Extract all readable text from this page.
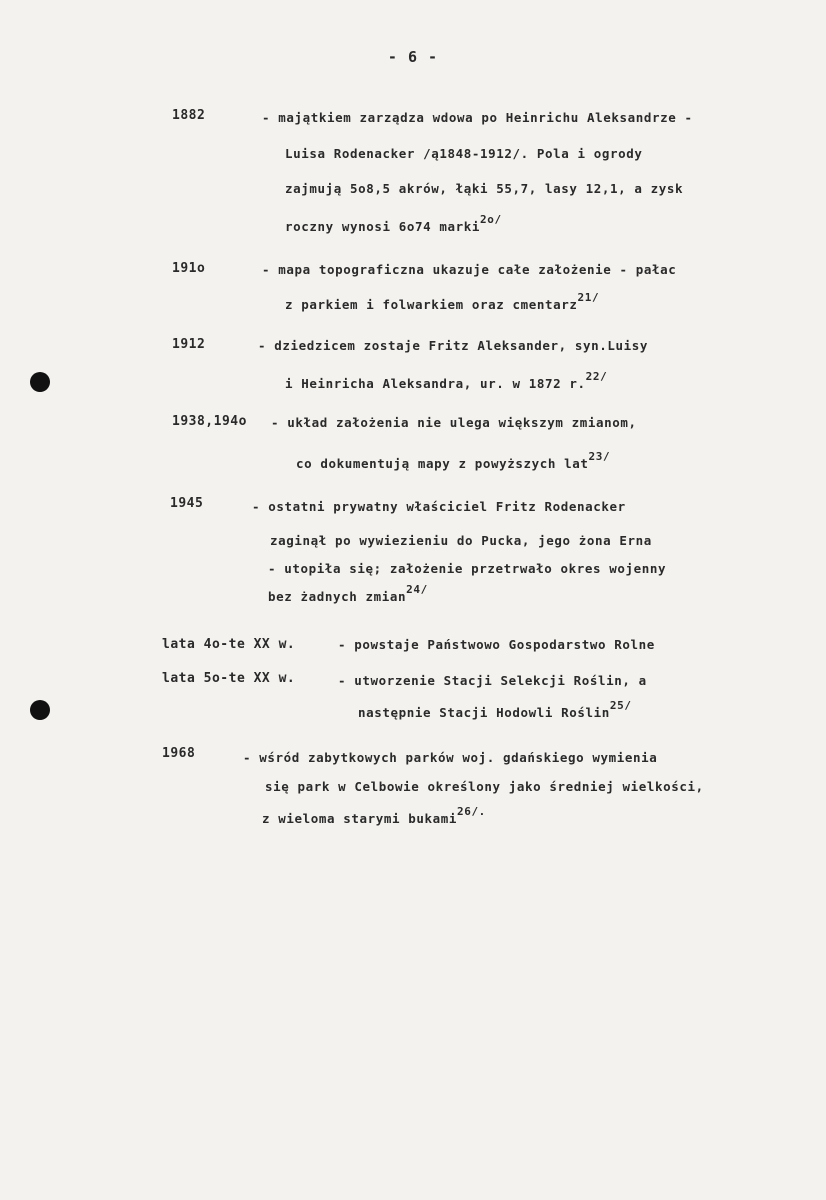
- 6 -
1882	- majątkiem zarządza wdowa po Heinrichu Aleksandrze -
Luisa Rodenacker /ą1848-1912/. Pola i ogrody
zajmują 5o8,5 akrów, łąki 55,7, lasy 12,1, a zysk
roczny wynosi 6o74 marki$^{2o/}$
191o	- mapa topograficzna ukazuje całe założenie - pałac
z parkiem i folwarkiem oraz cmentarz$^{21/}$
1912	- dziedzicem zostaje Fritz Aleksander, syn.Luisy
i Heinricha Aleksandra, ur. w 1872 r.$^{22/}$
1938,194o - układ założenia nie ulega większym zmianom,
co dokumentują mapy z powyższych lat$^{23/}$
1945	- ostatni prywatny właściciel Fritz Rodenacker
zaginął po wywiezieniu do Pucka, jego żona Erna
- utopiła się; założenie przetrwało okres wojenny
bez żadnych zmian$^{24/}$
lata 4o-te XX w.	- powstaje Państwowo Gospodarstwo Rolne
lata 5o-te XX w.	- utworzenie Stacji Selekcji Roślin, a
następnie Stacji Hodowli Roślin$^{25/}$
1968	- wśród zabytkowych parków woj. gdańskiego wymienia
się park w Celbowie określony jako średniej wielkości,
z wieloma starymi bukami$^{26/.}$
